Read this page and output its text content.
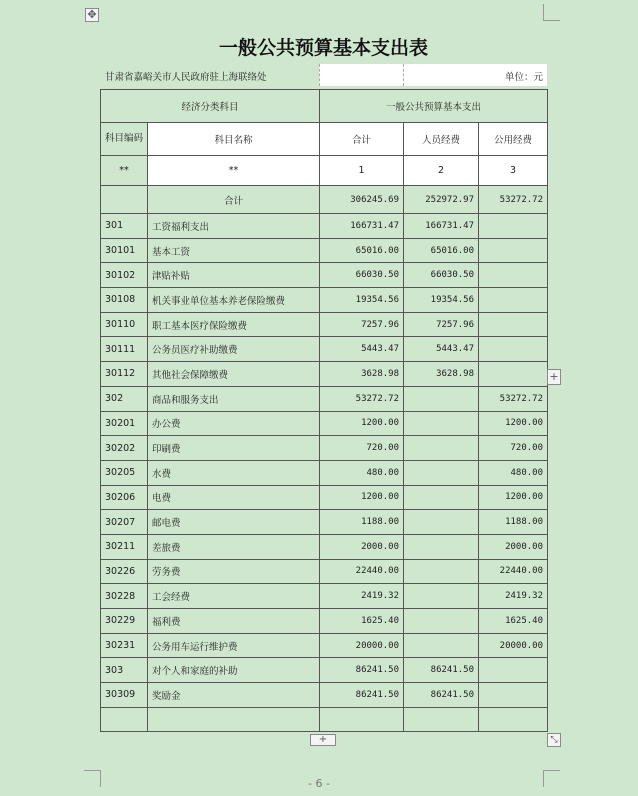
✥
一般公共预算基本支出表
甘肃省嘉峪关市人民政府驻上海联络处	单位：元
经济分类科目		一般公共预算基本支出		
科目编码	科目名称	合计	人员经费	公用经费
**	**	1	2	3
	合计	306245.69	252972.97	53272.72
301	工资福利支出	166731.47	166731.47	
30101	基本工资	65016.00	65016.00	
30102	津贴补贴	66030.50	66030.50	
30108	机关事业单位基本养老保险缴费	19354.56	19354.56	
30110	职工基本医疗保险缴费	7257.96	7257.96	
30111	公务员医疗补助缴费	5443.47	5443.47	
30112	其他社会保障缴费	3628.98	3628.98	
302	商品和服务支出	53272.72		53272.72
30201	办公费	1200.00		1200.00
30202	印刷费	720.00		720.00
30205	水费	480.00		480.00
30206	电费	1200.00		1200.00
30207	邮电费	1188.00		1188.00
30211	差旅费	2000.00		2000.00
30226	劳务费	22440.00		22440.00
30228	工会经费	2419.32		2419.32
30229	福利费	1625.40		1625.40
30231	公务用车运行维护费	20000.00		20000.00
303	对个人和家庭的补助	86241.50	86241.50	
30309	奖励金	86241.50	86241.50	

+
+	⤡
- 6 -
